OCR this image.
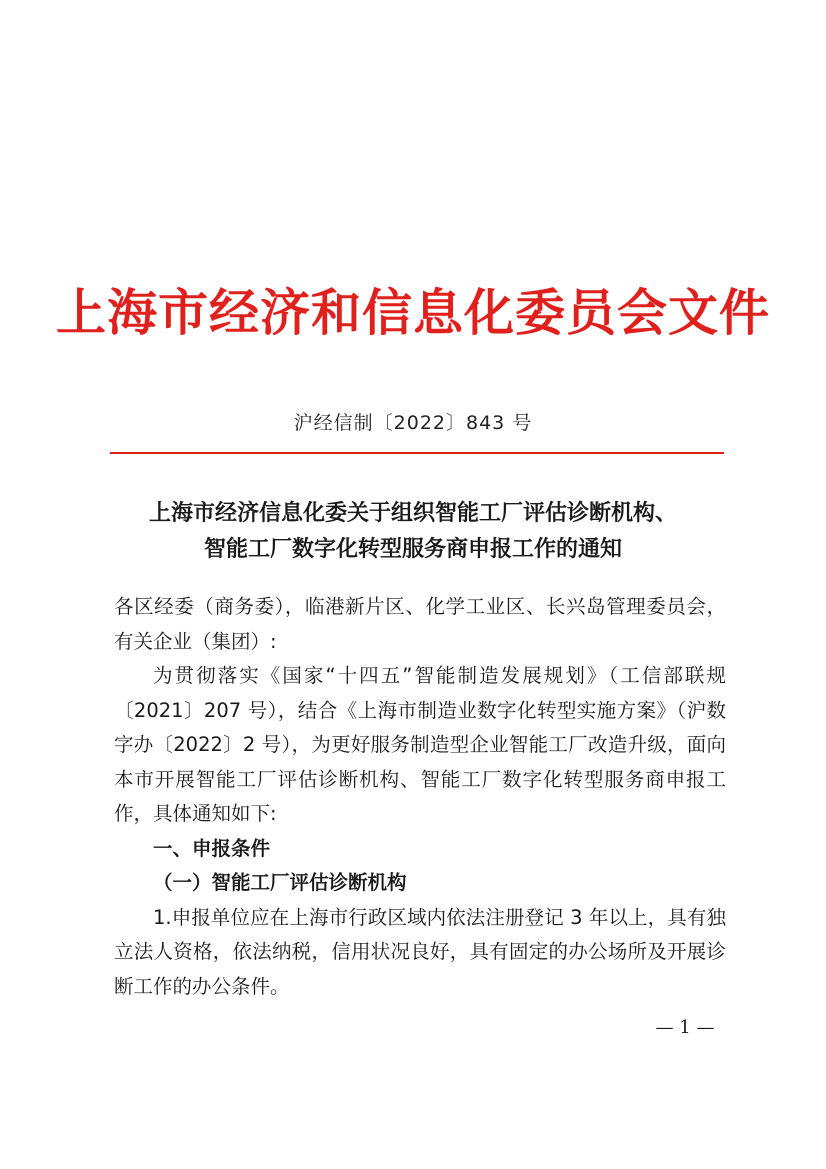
上海市经济和信息化委员会文件
沪经信制〔2022〕843 号
上海市经济信息化委关于组织智能工厂评估诊断机构、
智能工厂数字化转型服务商申报工作的通知

各区经委（商务委），临港新片区、化学工业区、长兴岛管理委员会，有关企业（集团）:

为贯彻落实《国家“十四五”智能制造发展规划》（工信部联规〔2021〕207 号），结合《上海市制造业数字化转型实施方案》（沪数字办〔2022〕2 号），为更好服务制造型企业智能工厂改造升级，面向本市开展智能工厂评估诊断机构、智能工厂数字化转型服务商申报工作，具体通知如下:

一、申报条件

（一）智能工厂评估诊断机构

1.申报单位应在上海市行政区域内依法注册登记 3 年以上，具有独立法人资格，依法纳税，信用状况良好，具有固定的办公场所及开展诊断工作的办公条件。

— 1 —
